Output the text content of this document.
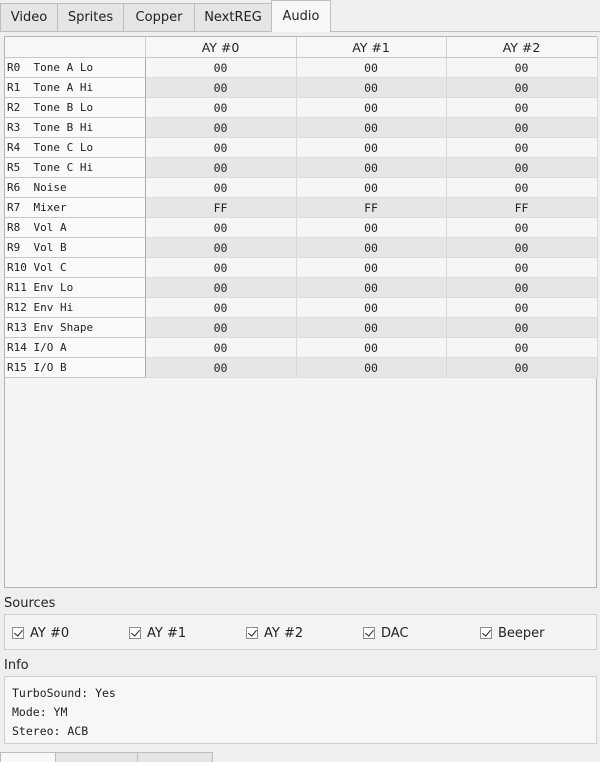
Video	Sprites	Copper	NextREG	Audio
	AY #0	AY #1	AY #2
R0  Tone A Lo	00	00	00
R1  Tone A Hi	00	00	00
R2  Tone B Lo	00	00	00
R3  Tone B Hi	00	00	00
R4  Tone C Lo	00	00	00
R5  Tone C Hi	00	00	00
R6  Noise	00	00	00
R7  Mixer	FF	FF	FF
R8  Vol A	00	00	00
R9  Vol B	00	00	00
R10 Vol C	00	00	00
R11 Env Lo	00	00	00
R12 Env Hi	00	00	00
R13 Env Shape	00	00	00
R14 I/O A	00	00	00
R15 I/O B	00	00	00
Sources
AY #0	AY #1	AY #2	DAC	Beeper
Info
TurboSound: Yes
Mode: YM
Stereo: ACB
